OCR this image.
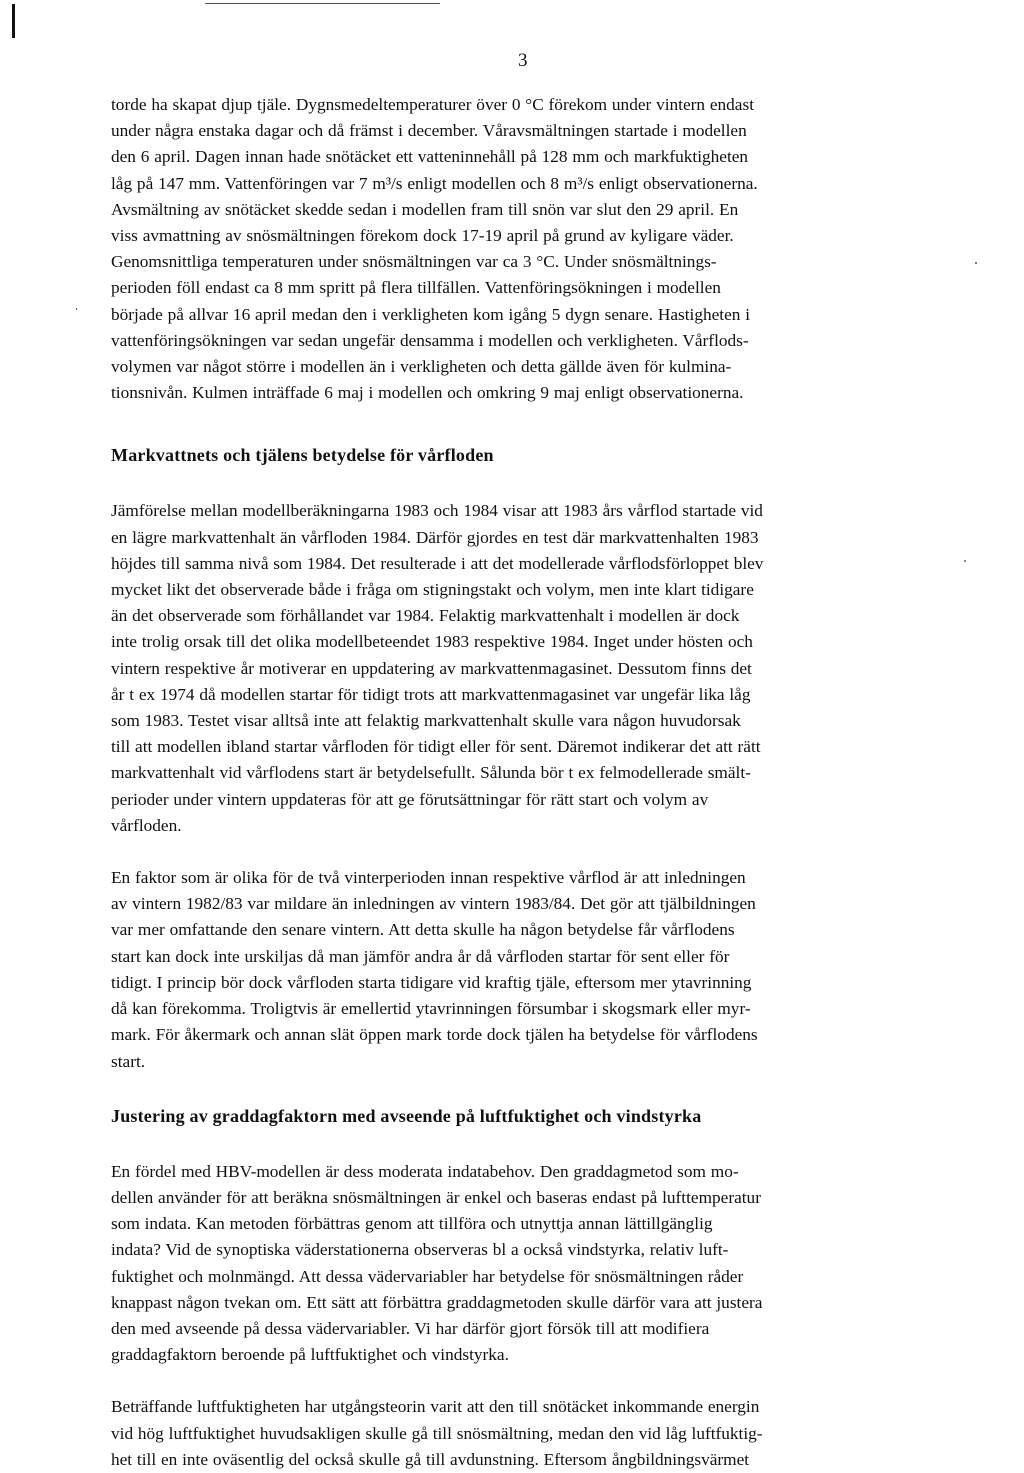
3

torde ha skapat djup tjäle. Dygnsmedeltemperaturer över 0 °C förekom under vintern endast
under några enstaka dagar och då främst i december. Våravsmältningen startade i modellen
den 6 april. Dagen innan hade snötäcket ett vatteninnehåll på 128 mm och markfuktigheten
låg på 147 mm. Vattenföringen var 7 m³/s enligt modellen och 8 m³/s enligt observationerna.
Avsmältning av snötäcket skedde sedan i modellen fram till snön var slut den 29 april. En
viss avmattning av snösmältningen förekom dock 17-19 april på grund av kyligare väder.
Genomsnittliga temperaturen under snösmältningen var ca 3 °C. Under snösmältnings-
perioden föll endast ca 8 mm spritt på flera tillfällen. Vattenföringsökningen i modellen
började på allvar 16 april medan den i verkligheten kom igång 5 dygn senare. Hastigheten i
vattenföringsökningen var sedan ungefär densamma i modellen och verkligheten. Vårflods-
volymen var något större i modellen än i verkligheten och detta gällde även för kulmina-
tionsnivån. Kulmen inträffade 6 maj i modellen och omkring 9 maj enligt observationerna.

Markvattnets och tjälens betydelse för vårfloden

Jämförelse mellan modellberäkningarna 1983 och 1984 visar att 1983 års vårflod startade vid
en lägre markvattenhalt än vårfloden 1984. Därför gjordes en test där markvattenhalten 1983
höjdes till samma nivå som 1984. Det resulterade i att det modellerade vårflodsförloppet blev
mycket likt det observerade både i fråga om stigningstakt och volym, men inte klart tidigare
än det observerade som förhållandet var 1984. Felaktig markvattenhalt i modellen är dock
inte trolig orsak till det olika modellbeteendet 1983 respektive 1984. Inget under hösten och
vintern respektive år motiverar en uppdatering av markvattenmagasinet. Dessutom finns det
år t ex 1974 då modellen startar för tidigt trots att markvattenmagasinet var ungefär lika låg
som 1983. Testet visar alltså inte att felaktig markvattenhalt skulle vara någon huvudorsak
till att modellen ibland startar vårfloden för tidigt eller för sent. Däremot indikerar det att rätt
markvattenhalt vid vårflodens start är betydelsefullt. Sålunda bör t ex felmodellerade smält-
perioder under vintern uppdateras för att ge förutsättningar för rätt start och volym av
vårfloden.

En faktor som är olika för de två vinterperioden innan respektive vårflod är att inledningen
av vintern 1982/83 var mildare än inledningen av vintern 1983/84. Det gör att tjälbildningen
var mer omfattande den senare vintern. Att detta skulle ha någon betydelse får vårflodens
start kan dock inte urskiljas då man jämför andra år då vårfloden startar för sent eller för
tidigt. I princip bör dock vårfloden starta tidigare vid kraftig tjäle, eftersom mer ytavrinning
då kan förekomma. Troligtvis är emellertid ytavrinningen försumbar i skogsmark eller myr-
mark. För åkermark och annan slät öppen mark torde dock tjälen ha betydelse för vårflodens
start.

Justering av graddagfaktorn med avseende på luftfuktighet och vindstyrka

En fördel med HBV-modellen är dess moderata indatabehov. Den graddagmetod som mo-
dellen använder för att beräkna snösmältningen är enkel och baseras endast på lufttemperatur
som indata. Kan metoden förbättras genom att tillföra och utnyttja annan lättillgänglig
indata? Vid de synoptiska väderstationerna observeras bl a också vindstyrka, relativ luft-
fuktighet och molnmängd. Att dessa vädervariabler har betydelse för snösmältningen råder
knappast någon tvekan om. Ett sätt att förbättra graddagmetoden skulle därför vara att justera
den med avseende på dessa vädervariabler. Vi har därför gjort försök till att modifiera
graddagfaktorn beroende på luftfuktighet och vindstyrka.

Beträffande luftfuktigheten har utgångsteorin varit att den till snötäcket inkommande energin
vid hög luftfuktighet huvudsakligen skulle gå till snösmältning, medan den vid låg luftfuktig-
het till en inte oväsentlig del också skulle gå till avdunstning. Eftersom ångbildningsvärmet
